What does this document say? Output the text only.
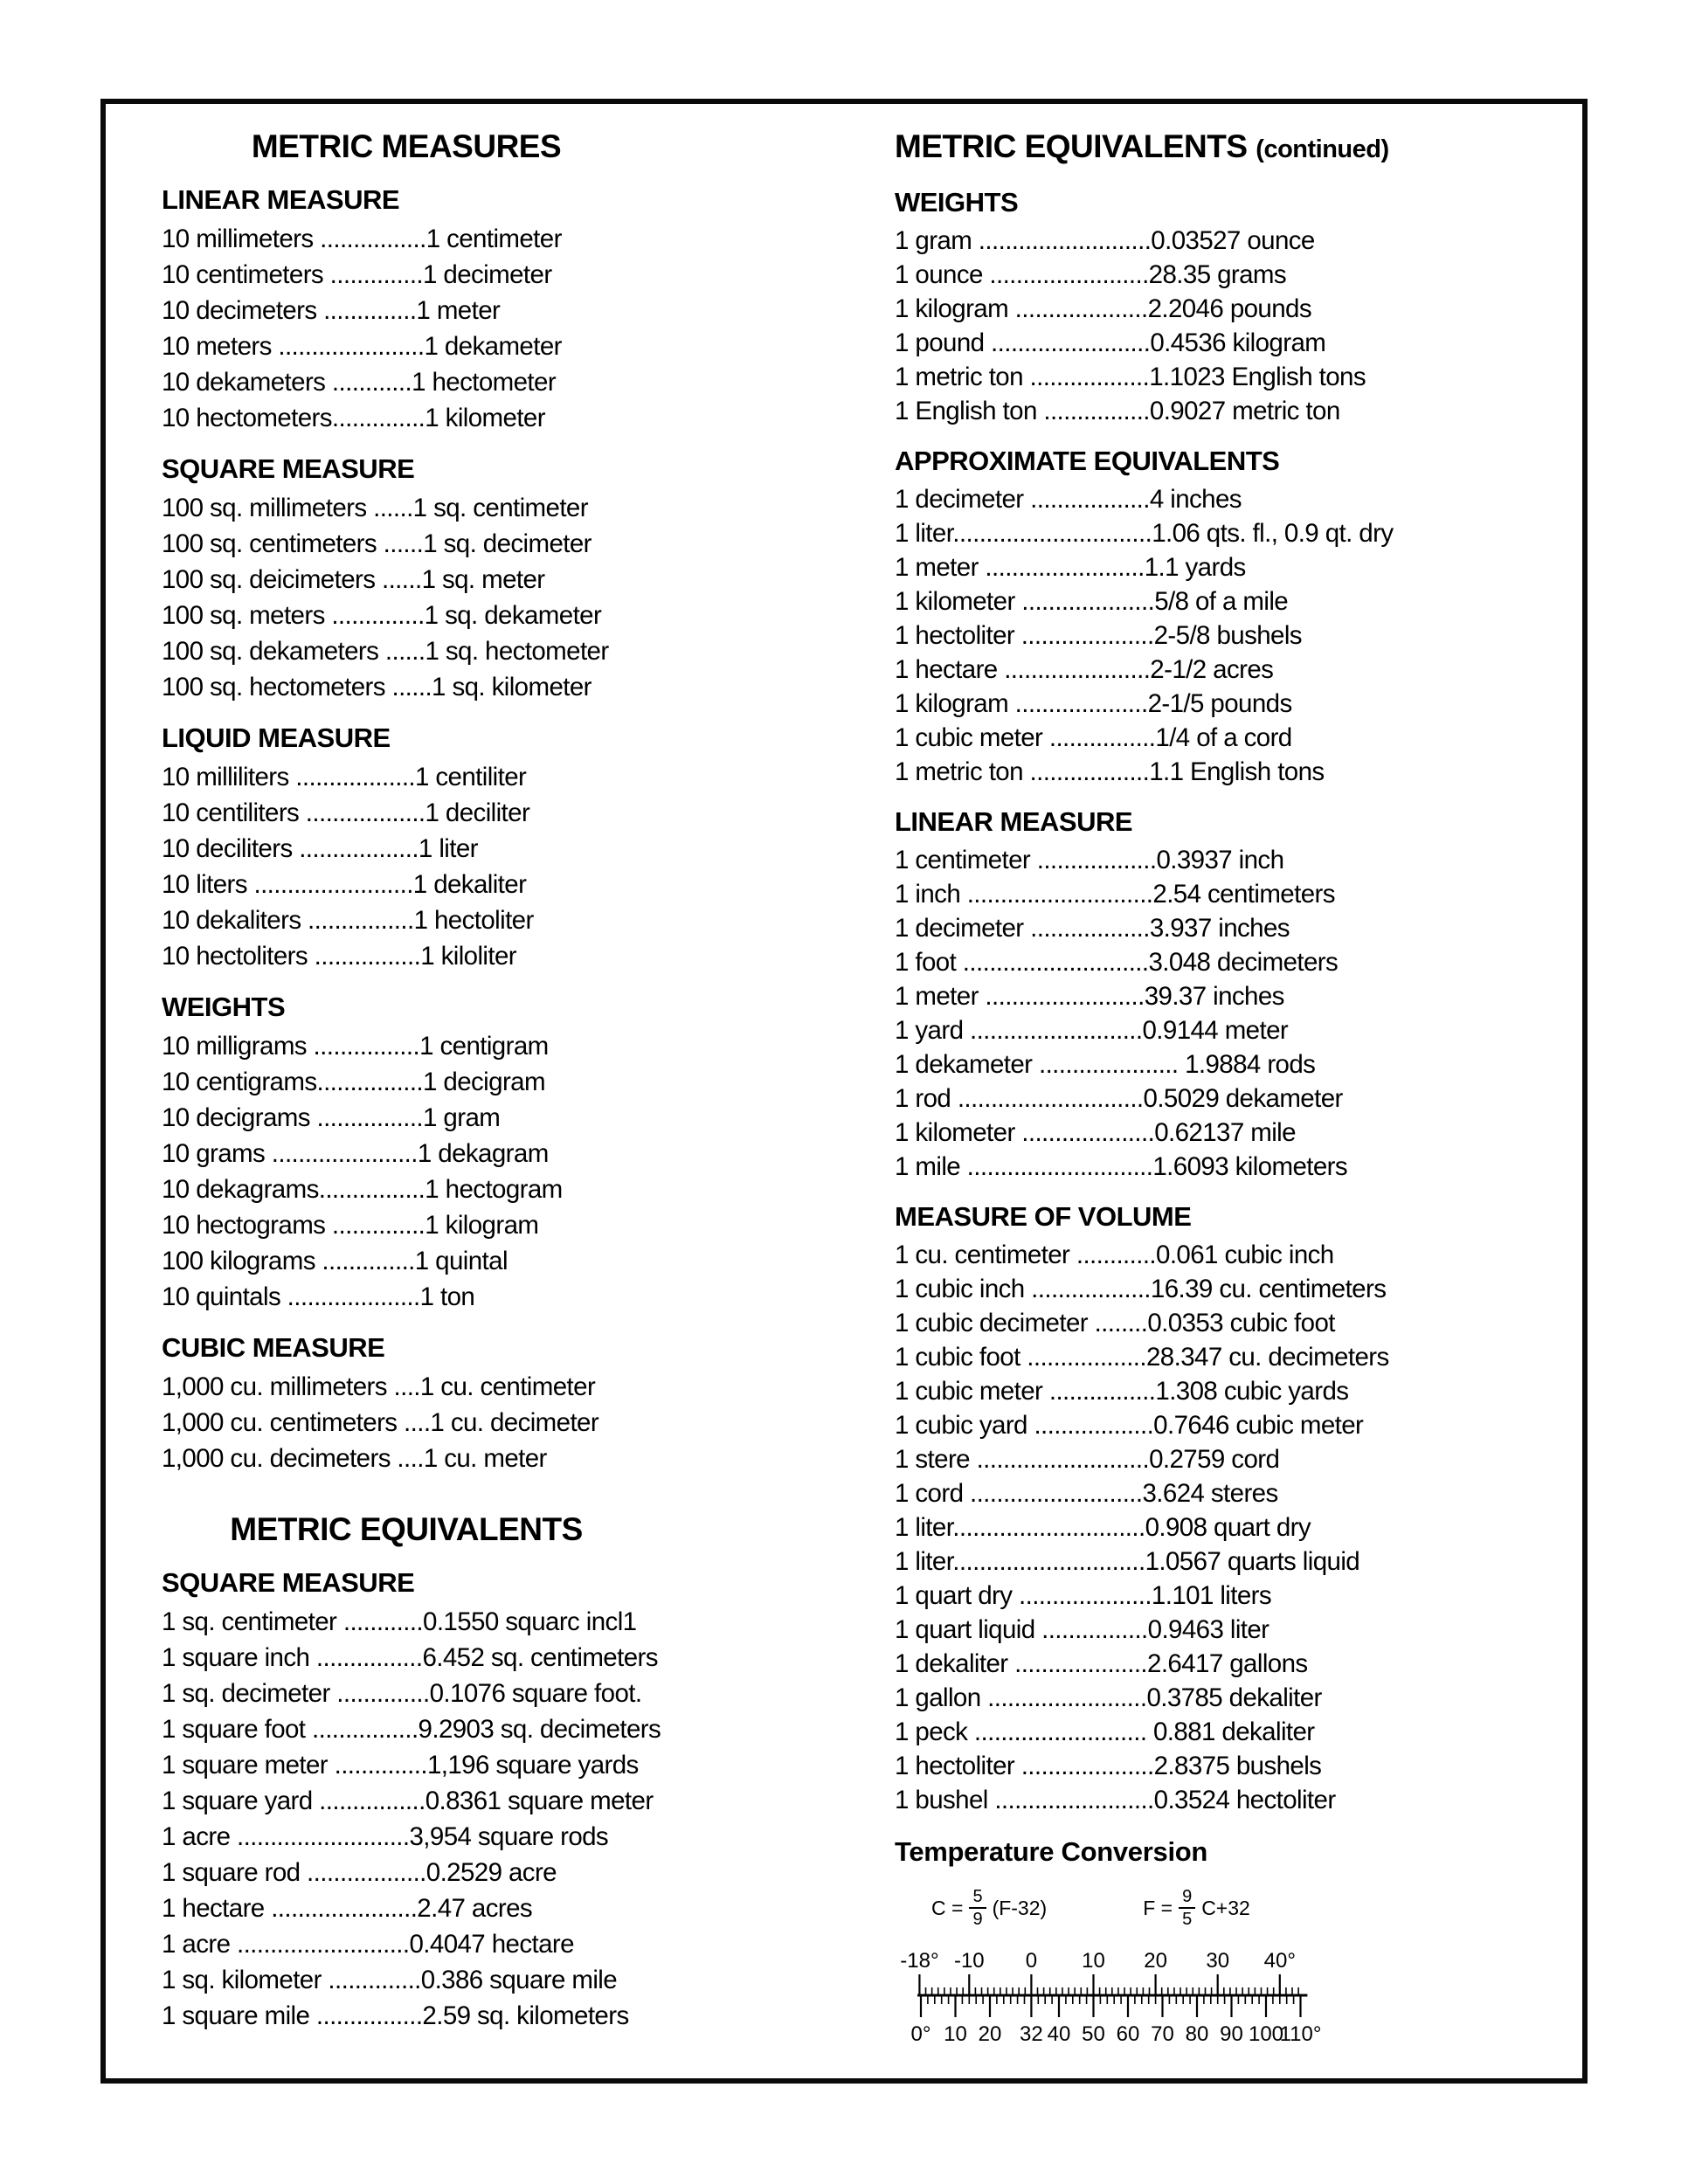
METRIC MEASURES
LINEAR MEASURE
10 millimeters ................1 centimeter
10 centimeters ..............1 decimeter
10 decimeters ..............1 meter
10 meters ......................1 dekameter
10 dekameters ............1 hectometer
10 hectometers..............1 kilometer
SQUARE MEASURE
100 sq. millimeters ......1 sq. centimeter
100 sq. centimeters ......1 sq. decimeter
100 sq. deicimeters ......1 sq. meter
100 sq. meters ..............1 sq. dekameter
100 sq. dekameters ......1 sq. hectometer
100 sq. hectometers ......1 sq. kilometer
LIQUID MEASURE
10 milliliters ..................1 centiliter
10 centiliters ..................1 deciliter
10 deciliters ..................1 liter
10 liters ........................1 dekaliter
10 dekaliters ................1 hectoliter
10 hectoliters ................1 kiloliter
WEIGHTS
10 milligrams ................1 centigram
10 centigrams................1 decigram
10 decigrams ................1 gram
10 grams ......................1 dekagram
10 dekagrams................1 hectogram
10 hectograms ..............1 kilogram
100 kilograms ..............1 quintal
10 quintals ....................1 ton
CUBIC MEASURE
1,000 cu. millimeters ....1 cu. centimeter
1,000 cu. centimeters ....1 cu. decimeter
1,000 cu. decimeters ....1 cu. meter
METRIC EQUIVALENTS
SQUARE MEASURE
1 sq. centimeter ............0.1550 squarc incl1
1 square inch ................6.452 sq. centimeters
1 sq. decimeter ..............0.1076 square foot.
1 square foot ................9.2903 sq. decimeters
1 square meter ..............1,196 square yards
1 square yard ................0.8361 square meter
1 acre ..........................3,954 square rods
1 square rod ..................0.2529 acre
1 hectare ......................2.47 acres
1 acre ..........................0.4047 hectare
1 sq. kilometer ..............0.386 square mile
1 square mile ................2.59 sq. kilometers
METRIC EQUIVALENTS (continued)
WEIGHTS
1 gram ..........................0.03527 ounce
1 ounce ........................28.35 grams
1 kilogram ....................2.2046 pounds
1 pound ........................0.4536 kilogram
1 metric ton ..................1.1023 English tons
1 English ton ................0.9027 metric ton
APPROXIMATE EQUIVALENTS
1 decimeter ..................4 inches
1 liter..............................1.06 qts. fl., 0.9 qt. dry
1 meter ........................1.1 yards
1 kilometer ....................5/8 of a mile
1 hectoliter ....................2-5/8 bushels
1 hectare ......................2-1/2 acres
1 kilogram ....................2-1/5 pounds
1 cubic meter ................1/4 of a cord
1 metric ton ..................1.1 English tons
LINEAR MEASURE
1 centimeter ..................0.3937 inch
1 inch ............................2.54 centimeters
1 decimeter ..................3.937 inches
1 foot ............................3.048 decimeters
1 meter ........................39.37 inches
1 yard ..........................0.9144 meter
1 dekameter ..................... 1.9884 rods
1 rod ............................0.5029 dekameter
1 kilometer ....................0.62137 mile
1 mile ............................1.6093 kilometers
MEASURE OF VOLUME
1 cu. centimeter ............0.061 cubic inch
1 cubic inch ..................16.39 cu. centimeters
1 cubic decimeter ........0.0353 cubic foot
1 cubic foot ..................28.347 cu. decimeters
1 cubic meter ................1.308 cubic yards
1 cubic yard ..................0.7646 cubic meter
1 stere ..........................0.2759 cord
1 cord ..........................3.624 steres
1 liter.............................0.908 quart dry
1 liter.............................1.0567 quarts liquid
1 quart dry ....................1.101 liters
1 quart liquid ................0.9463 liter
1 dekaliter ....................2.6417 gallons
1 gallon ........................0.3785 dekaliter
1 peck .......................... 0.881 dekaliter
1 hectoliter ....................2.8375 bushels
1 bushel ........................0.3524 hectoliter
Temperature Conversion
$C = \frac{5}{9} (F-32)$	$F = \frac{9}{5} C+32$
-18° -10 0 10 20 30 40°
0° 10 20 32 40 50 60 70 80 90 100
110°
